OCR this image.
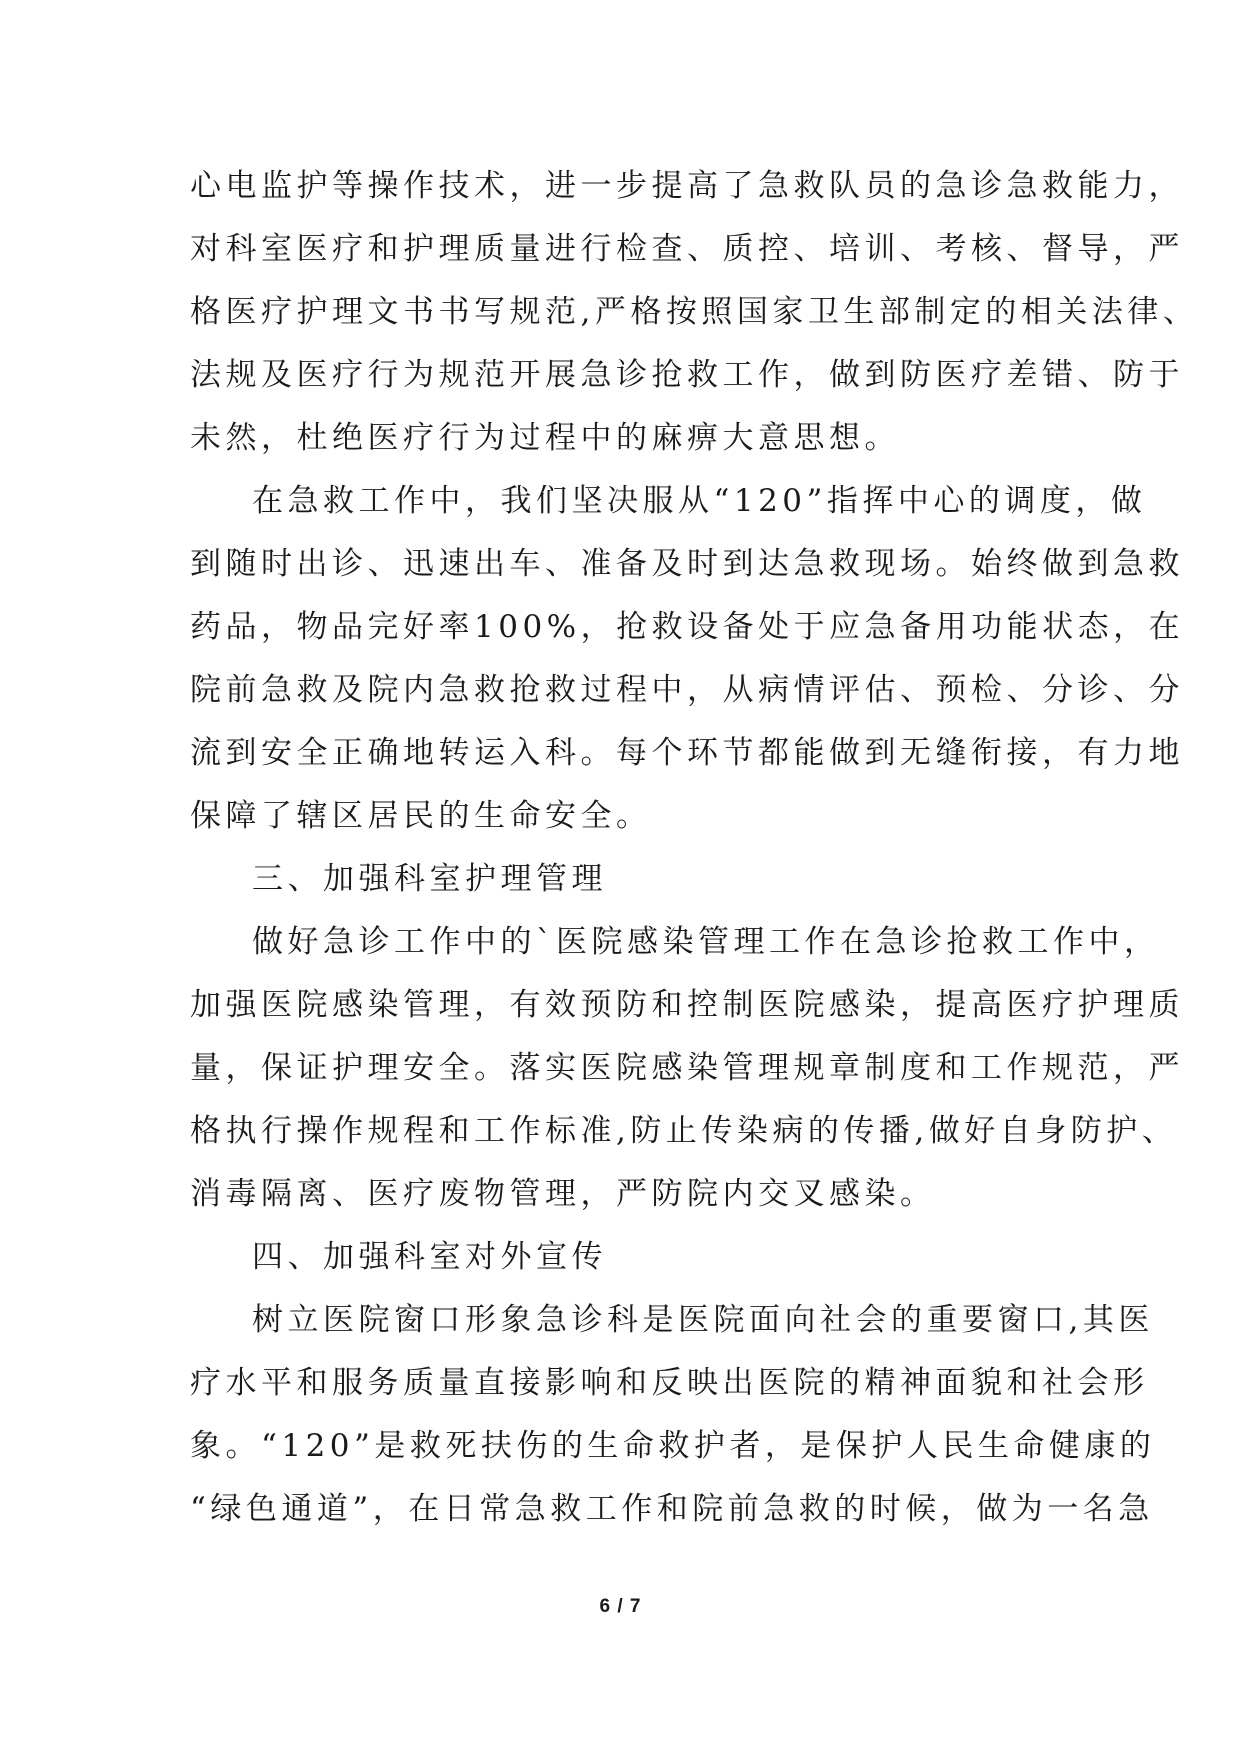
心电监护等操作技术，进一步提高了急救队员的急诊急救能力，
对科室医疗和护理质量进行检查、质控、培训、考核、督导，严
格医疗护理文书书写规范,严格按照国家卫生部制定的相关法律、
法规及医疗行为规范开展急诊抢救工作，做到防医疗差错、防于
未然，杜绝医疗行为过程中的麻痹大意思想。
在急救工作中，我们坚决服从“120”指挥中心的调度，做
到随时出诊、迅速出车、准备及时到达急救现场。始终做到急救
药品，物品完好率100%，抢救设备处于应急备用功能状态，在
院前急救及院内急救抢救过程中，从病情评估、预检、分诊、分
流到安全正确地转运入科。每个环节都能做到无缝衔接，有力地
保障了辖区居民的生命安全。
三、加强科室护理管理
做好急诊工作中的`医院感染管理工作在急诊抢救工作中，
加强医院感染管理，有效预防和控制医院感染，提高医疗护理质
量，保证护理安全。落实医院感染管理规章制度和工作规范，严
格执行操作规程和工作标准,防止传染病的传播,做好自身防护、
消毒隔离、医疗废物管理，严防院内交叉感染。
四、加强科室对外宣传
树立医院窗口形象急诊科是医院面向社会的重要窗口,其医
疗水平和服务质量直接影响和反映出医院的精神面貌和社会形
象。“120”是救死扶伤的生命救护者，是保护人民生命健康的
“绿色通道”，在日常急救工作和院前急救的时候，做为一名急
6 / 7
